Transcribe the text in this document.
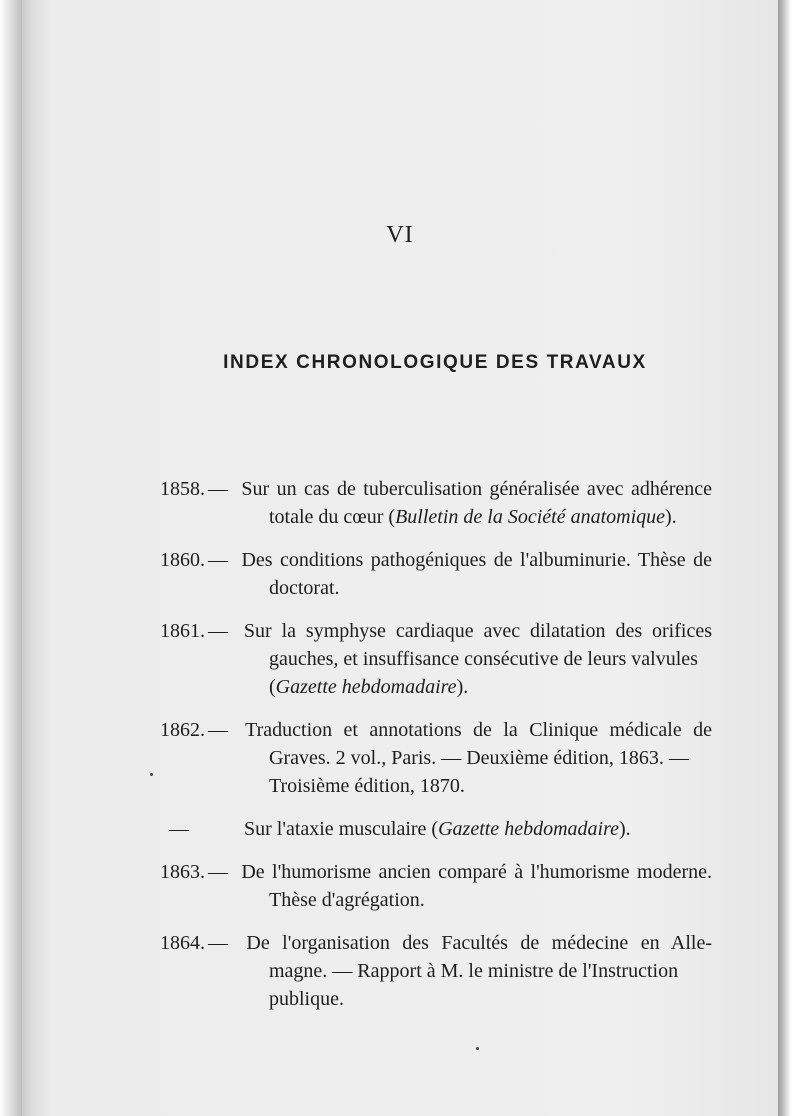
VI
INDEX CHRONOLOGIQUE DES TRAVAUX
1858. — Sur un cas de tuberculisation généralisée avec adhérence
totale du cœur (Bulletin de la Société anatomique).
1860. — Des conditions pathogéniques de l'albuminurie. Thèse de
doctorat.
1861. — Sur la symphyse cardiaque avec dilatation des orifices
gauches, et insuffisance consécutive de leurs valvules
(Gazette hebdomadaire).
1862. — Traduction et annotations de la Clinique médicale de
Graves. 2 vol., Paris. — Deuxième édition, 1863. —
Troisième édition, 1870.
—	Sur l'ataxie musculaire (Gazette hebdomadaire).
1863. — De l'humorisme ancien comparé à l'humorisme moderne.
Thèse d'agrégation.
1864. — De l'organisation des Facultés de médecine en Alle-
magne. — Rapport à M. le ministre de l'Instruction
publique.
